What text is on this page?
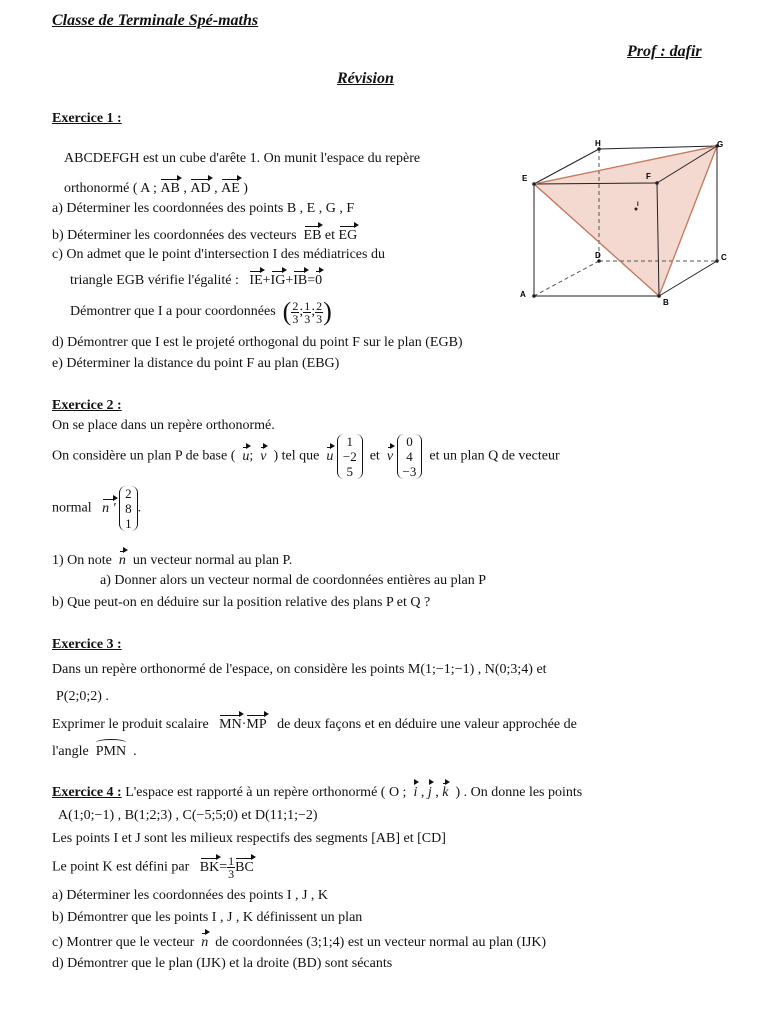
Classe de Terminale Spé-maths
Prof : dafir
Révision
Exercice 1 :
ABCDEFGH est un cube d'arête 1. On munit l'espace du repère
orthonormé ( A ; AB , AD , AE )
a) Déterminer les coordonnées des points B , E , G , F
b) Déterminer les coordonnées des vecteurs EB et EG
c) On admet que le point d'intersection I des médiatrices du
triangle EGB vérifie l'égalité : IE+IG+IB=0
Démontrer que I a pour coordonnées ( $\frac{2}{3}$ ; $\frac{1}{3}$ ; $\frac{2}{3}$ )
d) Démontrer que I est le projeté orthogonal du point F sur le plan (EGB)
e) Déterminer la distance du point F au plan (EBG)
A
B
C
D
E	F
G
H
I
Exercice 2 :
On se place dans un repère orthonormé.
On considère un plan P de base ( u;  v ) tel que u 1
−2
5  et v 0
4
−3  et un plan Q de vecteur
normal n ' 2
8
1.
1) On note n un vecteur normal au plan P.
a) Donner alors un vecteur normal de coordonnées entières au plan P
b) Que peut-on en déduire sur la position relative des plans P et Q ?
Exercice 3 :
Dans un repère orthonormé de l'espace, on considère les points M(1;−1;−1) , N(0;3;4) et
P(2;0;2) .
Exprimer le produit scalaire MN·MP de deux façons et en déduire une valeur approchée de
l'angle PMN .
Exercice 4 : L'espace est rapporté à un repère orthonormé ( O ; i , j , k ) . On donne les points
A(1;0;−1) , B(1;2;3) , C(−5;5;0) et D(11;1;−2)
Les points I et J sont les milieux respectifs des segments [AB] et [CD]
Le point K est défini par $BK= \frac{1}{3}$ BC
a) Déterminer les coordonnées des points I , J , K
b) Démontrer que les points I , J , K définissent un plan
c) Montrer que le vecteur n de coordonnées (3;1;4) est un vecteur normal au plan (IJK)
d) Démontrer que le plan (IJK) et la droite (BD) sont sécants
